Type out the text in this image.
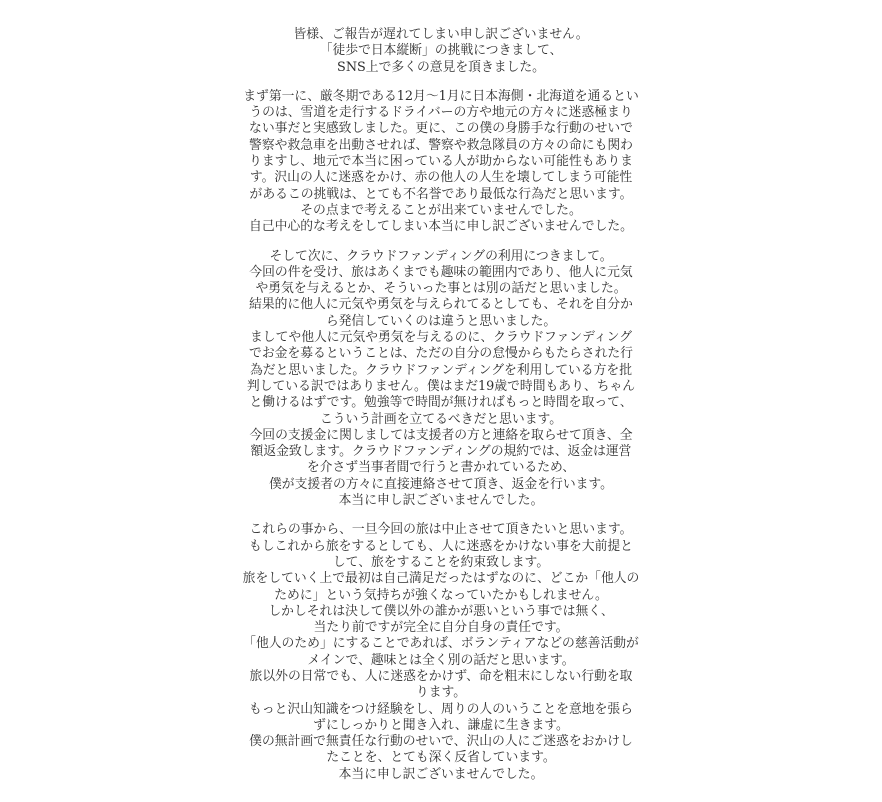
皆様、ご報告が遅れてしまい申し訳ございません。
「徒歩で日本縦断」の挑戦につきまして、
SNS上で多くの意見を頂きました。
まず第一に、厳冬期である12月〜1月に日本海側・北海道を通るとい
うのは、雪道を走行するドライバーの方や地元の方々に迷惑極まり
ない事だと実感致しました。更に、この僕の身勝手な行動のせいで
警察や救急車を出動させれば、警察や救急隊員の方々の命にも関わ
りますし、地元で本当に困っている人が助からない可能性もありま
す。沢山の人に迷惑をかけ、赤の他人の人生を壊してしまう可能性
があるこの挑戦は、とても不名誉であり最低な行為だと思います。
その点まで考えることが出来ていませんでした。
自己中心的な考えをしてしまい本当に申し訳ございませんでした。
そして次に、クラウドファンディングの利用につきまして。
今回の件を受け、旅はあくまでも趣味の範囲内であり、他人に元気
や勇気を与えるとか、そういった事とは別の話だと思いました。
結果的に他人に元気や勇気を与えられてるとしても、それを自分か
ら発信していくのは違うと思いました。
ましてや他人に元気や勇気を与えるのに、クラウドファンディング
でお金を募るということは、ただの自分の怠慢からもたらされた行
為だと思いました。クラウドファンディングを利用している方を批
判している訳ではありません。僕はまだ19歳で時間もあり、ちゃん
と働けるはずです。勉強等で時間が無ければもっと時間を取って、
こういう計画を立てるべきだと思います。
今回の支援金に関しましては支援者の方と連絡を取らせて頂き、全
額返金致します。クラウドファンディングの規約では、返金は運営
を介さず当事者間で行うと書かれているため、
僕が支援者の方々に直接連絡させて頂き、返金を行います。
本当に申し訳ございませんでした。
これらの事から、一旦今回の旅は中止させて頂きたいと思います。
もしこれから旅をするとしても、人に迷惑をかけない事を大前提と
して、旅をすることを約束致します。
旅をしていく上で最初は自己満足だったはずなのに、どこか「他人の
ために」という気持ちが強くなっていたかもしれません。
しかしそれは決して僕以外の誰かが悪いという事では無く、
当たり前ですが完全に自分自身の責任です。
「他人のため」にすることであれば、ボランティアなどの慈善活動が
メインで、趣味とは全く別の話だと思います。
旅以外の日常でも、人に迷惑をかけず、命を粗末にしない行動を取
ります。
もっと沢山知識をつけ経験をし、周りの人のいうことを意地を張ら
ずにしっかりと聞き入れ、謙虚に生きます。
僕の無計画で無責任な行動のせいで、沢山の人にご迷惑をおかけし
たことを、とても深く反省しています。
本当に申し訳ございませんでした。
